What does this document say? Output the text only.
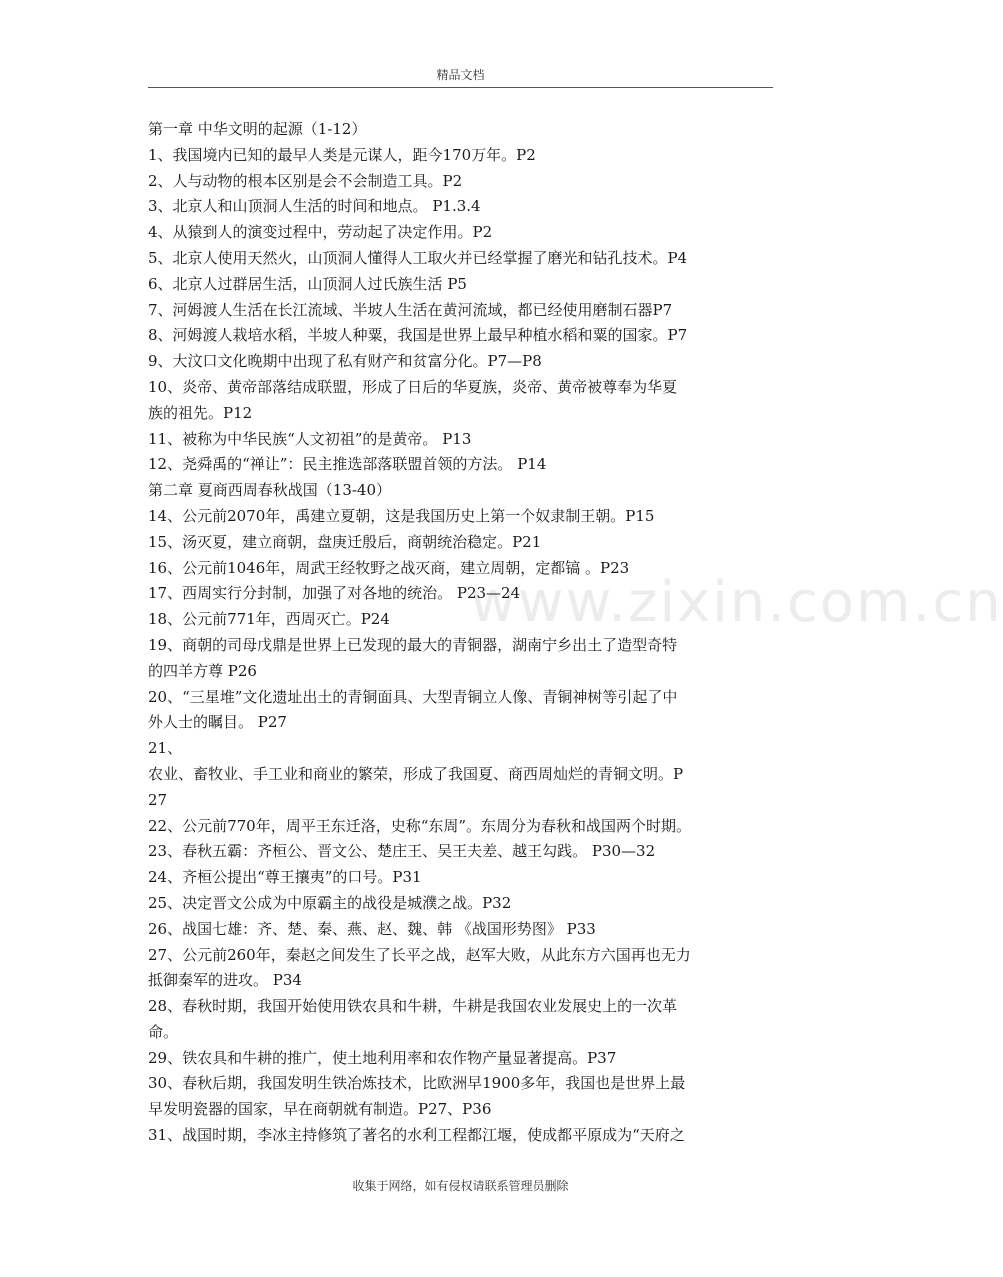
精品文档
www.zixin.com.cn
第一章 中华文明的起源（1-12）
1、我国境内已知的最早人类是元谋人，距今170万年。P2
2、人与动物的根本区别是会不会制造工具。P2
3、北京人和山顶洞人生活的时间和地点。 P1.3.4
4、从猿到人的演变过程中，劳动起了决定作用。P2
5、北京人使用天然火，山顶洞人懂得人工取火并已经掌握了磨光和钻孔技术。P4
6、北京人过群居生活，山顶洞人过氏族生活 P5
7、河姆渡人生活在长江流域、半坡人生活在黄河流域，都已经使用磨制石器P7
8、河姆渡人栽培水稻，半坡人种粟，我国是世界上最早种植水稻和粟的国家。P7
9、大汶口文化晚期中出现了私有财产和贫富分化。P7—P8
10、炎帝、黄帝部落结成联盟，形成了日后的华夏族，炎帝、黄帝被尊奉为华夏
族的祖先。P12
11、被称为中华民族“人文初祖”的是黄帝。 P13
12、尧舜禹的“禅让”：民主推选部落联盟首领的方法。 P14
第二章 夏商西周春秋战国（13-40）
14、公元前2070年，禹建立夏朝，这是我国历史上第一个奴隶制王朝。P15
15、汤灭夏，建立商朝，盘庚迁殷后，商朝统治稳定。P21
16、公元前1046年，周武王经牧野之战灭商，建立周朝，定都镐 。P23
17、西周实行分封制，加强了对各地的统治。 P23—24
18、公元前771年，西周灭亡。P24
19、商朝的司母戊鼎是世界上已发现的最大的青铜器，湖南宁乡出土了造型奇特
的四羊方尊 P26
20、“三星堆”文化遗址出土的青铜面具、大型青铜立人像、青铜神树等引起了中
外人士的瞩目。 P27
21、
农业、畜牧业、手工业和商业的繁荣，形成了我国夏、商西周灿烂的青铜文明。P
27
22、公元前770年，周平王东迁洛，史称“东周”。东周分为春秋和战国两个时期。
23、春秋五霸：齐桓公、晋文公、楚庄王、吴王夫差、越王勾践。 P30—32
24、齐桓公提出“尊王攘夷”的口号。P31
25、决定晋文公成为中原霸主的战役是城濮之战。P32
26、战国七雄：齐、楚、秦、燕、赵、魏、韩 《战国形势图》 P33
27、公元前260年，秦赵之间发生了长平之战，赵军大败，从此东方六国再也无力
抵御秦军的进攻。 P34
28、春秋时期，我国开始使用铁农具和牛耕，牛耕是我国农业发展史上的一次革
命。
29、铁农具和牛耕的推广，使土地利用率和农作物产量显著提高。P37
30、春秋后期，我国发明生铁冶炼技术，比欧洲早1900多年，我国也是世界上最
早发明瓷器的国家，早在商朝就有制造。P27、P36
31、战国时期，李冰主持修筑了著名的水利工程都江堰，使成都平原成为“天府之
收集于网络，如有侵权请联系管理员删除
